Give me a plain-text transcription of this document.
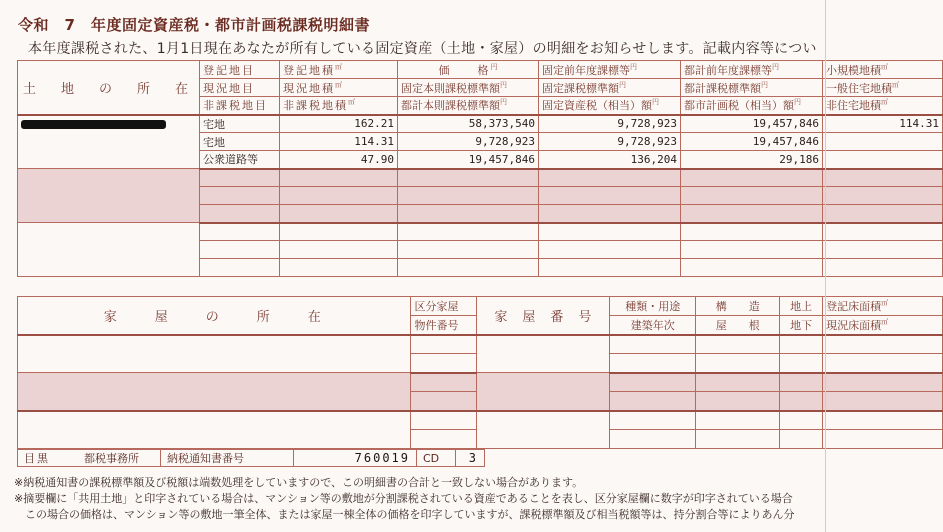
令和　7　年度固定資産税・都市計画税課税明細書
本年度課税された、1月1日現在あなたが所有している固定資産（土地・家屋）の明細をお知らせします。記載内容等につい
土　地　の　所　在	登記地目	登記地積㎡	価　　格$^円$	固定前年度課標等$^円$	都計前年度課標等$^円$	小規模地積㎡
	現況地目	現況地積㎡	固定本則課税標準額$^円$	固定課税標準額$^円$	都計課税標準額$^円$	一般住宅地積㎡
	非課税地目	非課税地積㎡	都計本則課税標準額$^円$	固定資産税（相当）額$^円$	都市計画税（相当）額$^円$	非住宅地積㎡
	宅地	162.21	58,373,540	9,728,923	19,457,846	114.31
	宅地	114.31	9,728,923	9,728,923	19,457,846	
	公衆道路等	47.90	19,457,846	136,204	29,186	

家　　屋　　の　　所　　在	区分家屋	家　屋　番　号	種類・用途	構　　造	地上	登記床面積㎡
	物件番号		建築年次	屋　　根	地下	現況床面積㎡

目黒	都税事務所	納税通知書番号	760019	CD	3
※納税通知書の課税標準額及び税額は端数処理をしていますので、この明細書の合計と一致しない場合があります。
※摘要欄に「共用土地」と印字されている場合は、マンション等の敷地が分割課税されている資産であることを表し、区分家屋欄に数字が印字されている場合
　この場合の価格は、マンション等の敷地一筆全体、または家屋一棟全体の価格を印字していますが、課税標準額及び相当税額等は、持分割合等によりあん分
